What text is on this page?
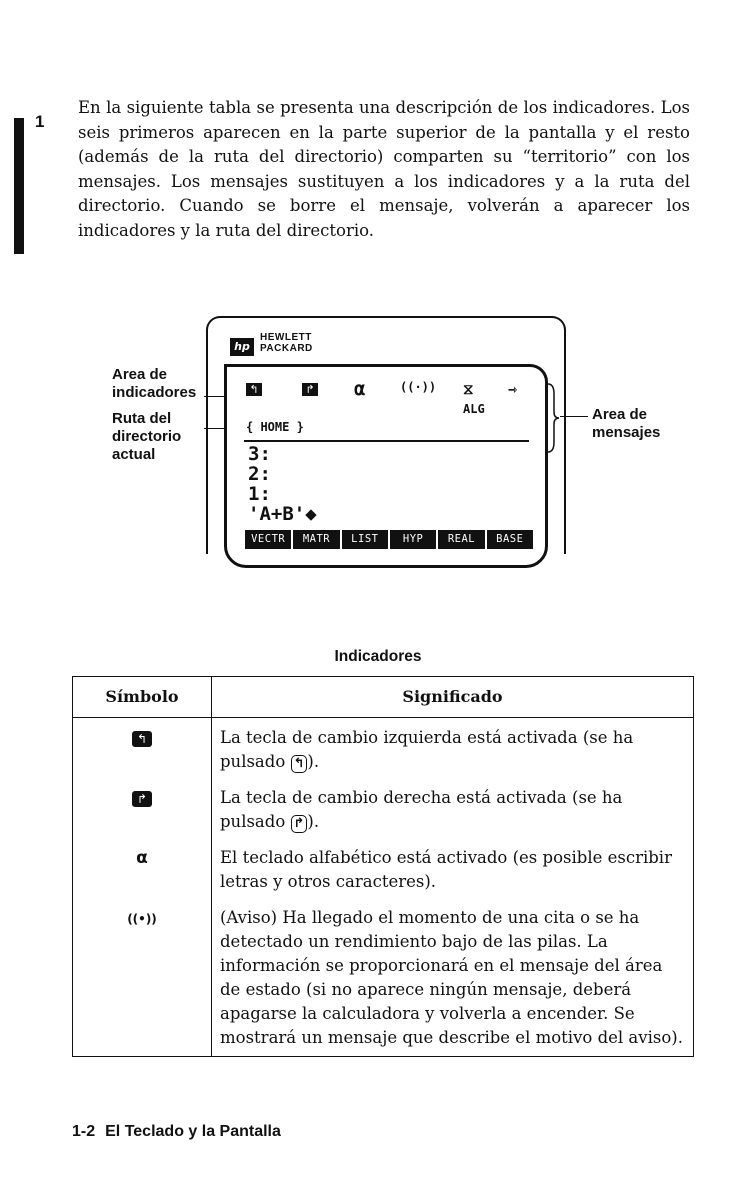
1

En la siguiente tabla se presenta una descripción de los indicadores. Los seis primeros aparecen en la parte superior de la pantalla y el resto (además de la ruta del directorio) comparten su “territorio” con los mensajes. Los mensajes sustituyen a los indicadores y a la ruta del directorio. Cuando se borre el mensaje, volverán a aparecer los indicadores y la ruta del directorio.

Area de
indicadores
Ruta del
directorio
actual
Area de
mensajes
hp
HEWLETT
PACKARD
↰	↱ α	((·)) ⧖ ⇾
ALG
{ HOME }
3:
2:
1:
'A+B'◆
VECTR	MATR	LIST	HYP	REAL	BASE
Indicadores
Símbolo	Significado
↰	La tecla de cambio izquierda está activada (se ha pulsado ↰ ).
↱	La tecla de cambio derecha está activada (se ha pulsado ↱ ).
α	El teclado alfabético está activado (es posible escribir letras y otros caracteres).
((•))	(Aviso) Ha llegado el momento de una cita o se ha detectado un rendimiento bajo de las pilas. La información se proporcionará en el mensaje del área de estado (si no aparece ningún mensaje, deberá apagarse la calculadora y volverla a encender. Se mostrará un mensaje que describe el motivo del aviso).
1-2 El Teclado y la Pantalla
